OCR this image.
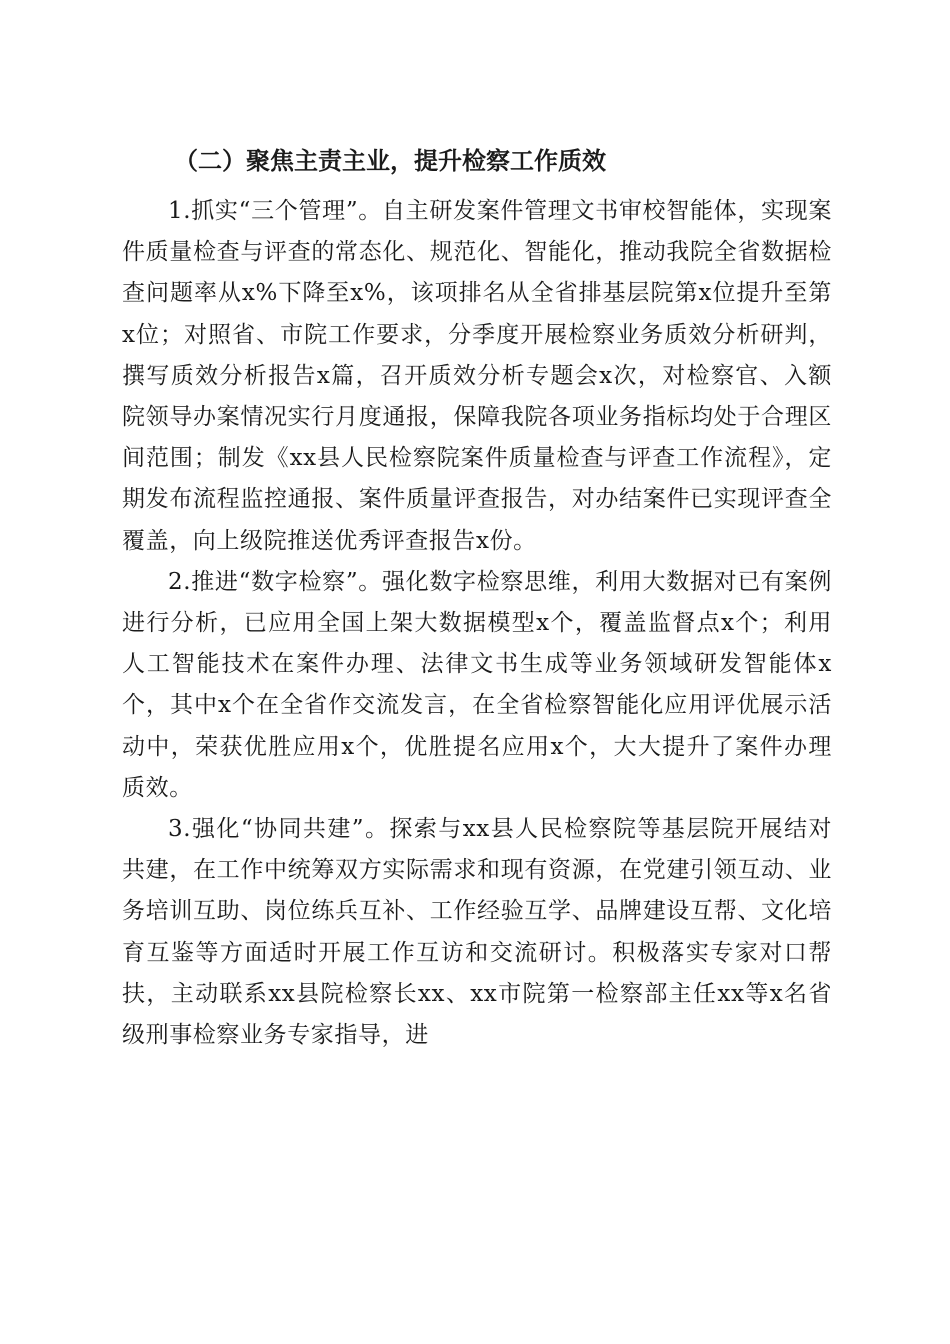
（二）聚焦主责主业，提升检察工作质效

1.抓实“三个管理”。自主研发案件管理文书审校智能体，实现案件质量检查与评查的常态化、规范化、智能化，推动我院全省数据检查问题率从x%下降至x%，该项排名从全省排基层院第x位提升至第x位；对照省、市院工作要求，分季度开展检察业务质效分析研判，撰写质效分析报告x篇，召开质效分析专题会x次，对检察官、入额院领导办案情况实行月度通报，保障我院各项业务指标均处于合理区间范围；制发《xx县人民检察院案件质量检查与评查工作流程》，定期发布流程监控通报、案件质量评查报告，对办结案件已实现评查全覆盖，向上级院推送优秀评查报告x份。

2.推进“数字检察”。强化数字检察思维，利用大数据对已有案例进行分析，已应用全国上架大数据模型x个，覆盖监督点x个；利用人工智能技术在案件办理、法律文书生成等业务领域研发智能体x个，其中x个在全省作交流发言，在全省检察智能化应用评优展示活动中，荣获优胜应用x个，优胜提名应用x个，大大提升了案件办理质效。

3.强化“协同共建”。探索与xx县人民检察院等基层院开展结对共建，在工作中统筹双方实际需求和现有资源，在党建引领互动、业务培训互助、岗位练兵互补、工作经验互学、品牌建设互帮、文化培育互鉴等方面适时开展工作互访和交流研讨。积极落实专家对口帮扶，主动联系xx县院检察长xx、xx市院第一检察部主任xx等x名省级刑事检察业务专家指导，进
